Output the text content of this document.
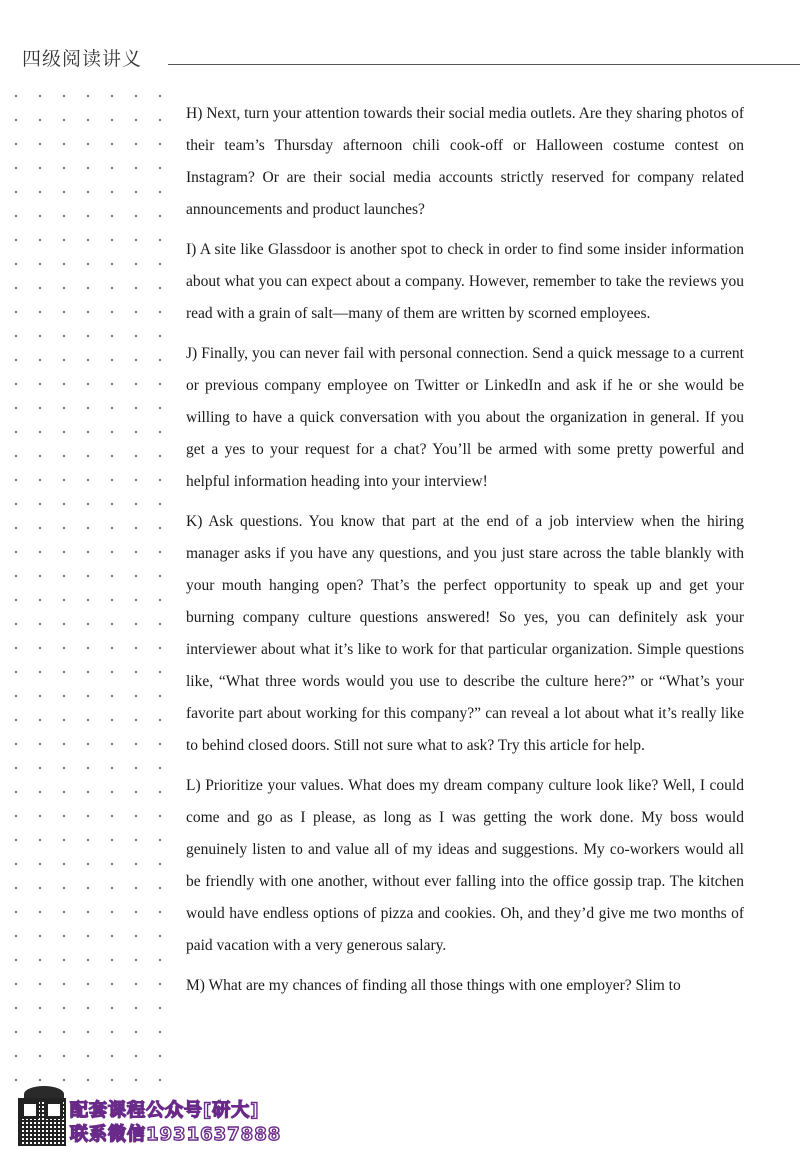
四级阅读讲义

H) Next, turn your attention towards their social media outlets. Are they sharing photos of their team’s Thursday afternoon chili cook-off or Halloween costume contest on Instagram? Or are their social media accounts strictly reserved for company related announcements and product launches?

I) A site like Glassdoor is another spot to check in order to find some insider information about what you can expect about a company. However, remember to take the reviews you read with a grain of salt—many of them are written by scorned employees.

J) Finally, you can never fail with personal connection. Send a quick message to a current or previous company employee on Twitter or LinkedIn and ask if he or she would be willing to have a quick conversation with you about the organization in general. If you get a yes to your request for a chat? You’ll be armed with some pretty powerful and helpful information heading into your interview!

K) Ask questions. You know that part at the end of a job interview when the hiring manager asks if you have any questions, and you just stare across the table blankly with your mouth hanging open? That’s the perfect opportunity to speak up and get your burning company culture questions answered! So yes, you can definitely ask your interviewer about what it’s like to work for that particular organization. Simple questions like, “What three words would you use to describe the culture here?” or “What’s your favorite part about working for this company?” can reveal a lot about what it’s really like to behind closed doors. Still not sure what to ask? Try this article for help.

L) Prioritize your values. What does my dream company culture look like? Well, I could come and go as I please, as long as I was getting the work done. My boss would genuinely listen to and value all of my ideas and suggestions. My co-workers would all be friendly with one another, without ever falling into the office gossip trap. The kitchen would have endless options of pizza and cookies. Oh, and they’d give me two months of paid vacation with a very generous salary.

M) What are my chances of finding all those things with one employer? Slim to

配套课程公众号[研大]
联系微信1931637888
